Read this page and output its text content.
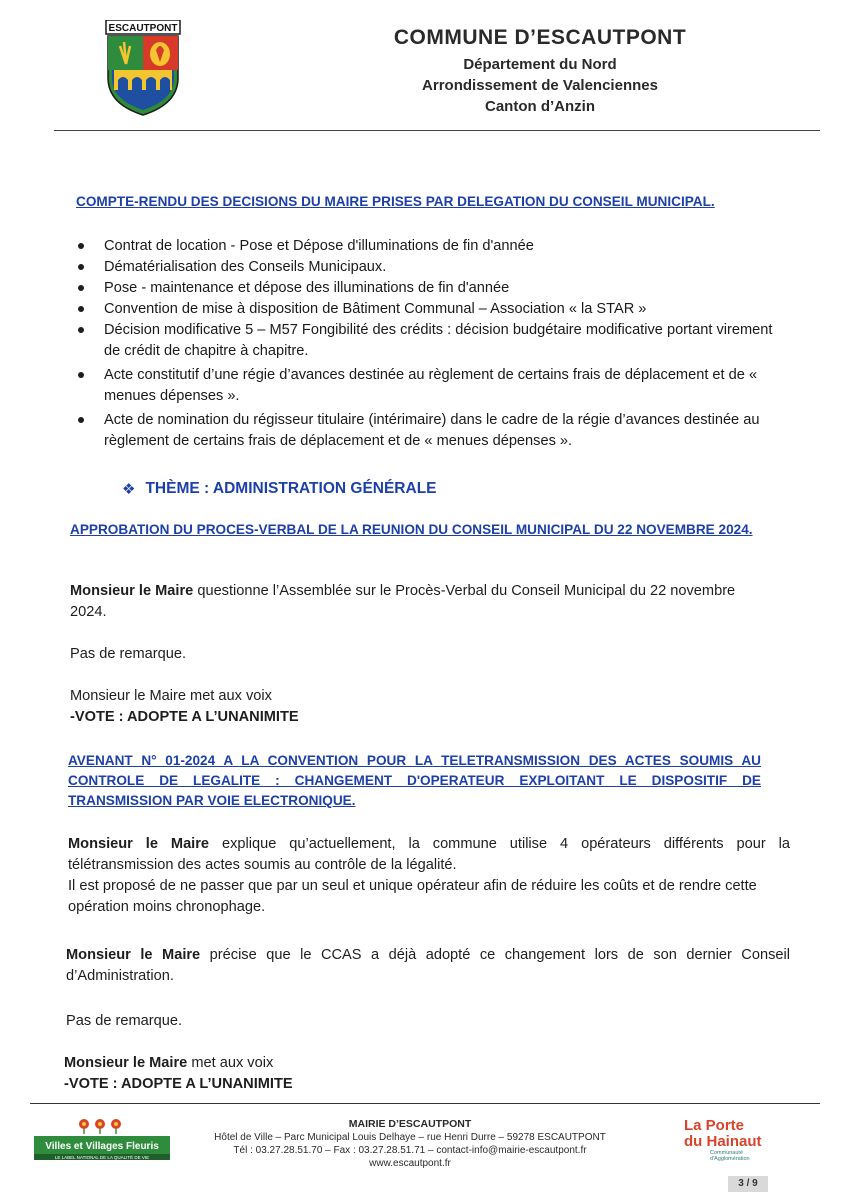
ESCAUTPONT	COMMUNE D’ESCAUTPONT
Département du Nord
Arrondissement de Valenciennes
Canton d’Anzin
COMPTE-RENDU DES DECISIONS DU MAIRE PRISES PAR DELEGATION DU CONSEIL MUNICIPAL.
Contrat de location - Pose et Dépose d'illuminations de fin d'année
Dématérialisation des Conseils Municipaux.
Pose - maintenance et dépose des illuminations de fin d'année
Convention de mise à disposition de Bâtiment Communal – Association « la STAR »
Décision modificative 5 – M57 Fongibilité des crédits : décision budgétaire modificative portant virement de crédit de chapitre à chapitre.
Acte constitutif d’une régie d’avances destinée au règlement de certains frais de déplacement et de « menues dépenses ».
Acte de nomination du régisseur titulaire (intérimaire) dans le cadre de la régie d’avances destinée au règlement de certains frais de déplacement et de « menues dépenses ».
❖ THÈME : ADMINISTRATION GÉNÉRALE
APPROBATION DU PROCES-VERBAL DE LA REUNION DU CONSEIL MUNICIPAL DU 22 NOVEMBRE 2024.
Monsieur le Maire questionne l’Assemblée sur le Procès-Verbal du Conseil Municipal du 22 novembre 2024.
Pas de remarque.
Monsieur le Maire met aux voix
-VOTE : ADOPTE A L’UNANIMITE
AVENANT N° 01-2024 A LA CONVENTION POUR LA TELETRANSMISSION DES ACTES SOUMIS AU CONTROLE DE LEGALITE : CHANGEMENT D'OPERATEUR EXPLOITANT LE DISPOSITIF DE TRANSMISSION PAR VOIE ELECTRONIQUE.
Monsieur le Maire explique qu’actuellement, la commune utilise 4 opérateurs différents pour la télétransmission des actes soumis au contrôle de la légalité.
Il est proposé de ne passer que par un seul et unique opérateur afin de réduire les coûts et de rendre cette opération moins chronophage.
Monsieur le Maire précise que le CCAS a déjà adopté ce changement lors de son dernier Conseil d’Administration.
Pas de remarque.
Monsieur le Maire met aux voix
-VOTE : ADOPTE A L’UNANIMITE
Villes et Villages Fleuris
LE LABEL NATIONAL DE LA QUALITÉ DE VIE
MAIRIE D’ESCAUTPONT
Hôtel de Ville – Parc Municipal Louis Delhaye – rue Henri Durre – 59278 ESCAUTPONT
Tél : 03.27.28.51.70 – Fax : 03.27.28.51.71 – contact-info@mairie-escautpont.fr
www.escautpont.fr
La Porte
du Hainaut
Communauté
d'Agglomération
3 / 9
